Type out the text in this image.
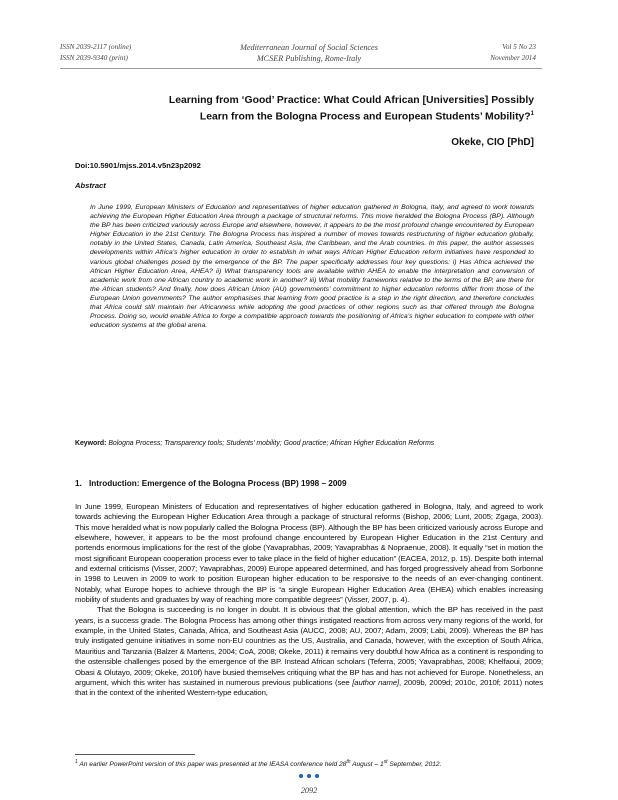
ISSN 2039-2117 (online)
ISSN 2039-9340 (print)
Mediterranean Journal of Social Sciences
MCSER Publishing, Rome-Italy
Vol 5 No 23
November 2014
Learning from ‘Good’ Practice: What Could African [Universities] Possibly
Learn from the Bologna Process and European Students’ Mobility?$^1$
Okeke, CIO [PhD]
Doi:10.5901/mjss.2014.v5n23p2092
Abstract

In June 1999, European Ministers of Education and representatives of higher education gathered in Bologna, Italy, and agreed to work towards achieving the European Higher Education Area through a package of structural reforms. This move heralded the Bologna Process (BP). Although the BP has been criticized variously across Europe and elsewhere, however, it appears to be the most profound change encountered by European Higher Education in the 21st Century. The Bologna Process has inspired a number of moves towards restructuring of higher education globally, notably in the United States, Canada, Latin America, Southeast Asia, the Caribbean, and the Arab countries. In this paper, the author assesses developments within Africa’s higher education in order to establish in what ways African Higher Education reform initiatives have responded to various global challenges posed by the emergence of the BP. The paper specifically addresses four key questions: i) Has Africa achieved the African Higher Education Area, AHEA? ii) What transparency tools are available within AHEA to enable the interpretation and conversion of academic work from one African country to academic work in another? iii) What mobility frameworks relative to the terms of the BP, are there for the African students? And finally, how does African Union (AU) governments’ commitment to higher education reforms differ from those of the European Union governments? The author emphasises that learning from good practice is a step in the right direction, and therefore concludes that Africa could still maintain her Africanness while adopting the good practices of other regions such as that offered through the Bologna Process. Doing so, would enable Africa to forge a compatible approach towards the positioning of Africa’s higher education to compete with other education systems at the global arena.

Keyword: Bologna Process; Transparency tools; Students’ mobility; Good practice; African Higher Education Reforms

1. Introduction: Emergence of the Bologna Process (BP) 1998 – 2009

In June 1999, European Ministers of Education and representatives of higher education gathered in Bologna, Italy, and agreed to work towards achieving the European Higher Education Area through a package of structural reforms (Bishop, 2006; Lunt, 2005; Zgaga, 2003). This move heralded what is now popularly called the Bologna Process (BP). Although the BP has been criticized variously across Europe and elsewhere, however, it appears to be the most profound change encountered by European Higher Education in the 21st Century and portends enormous implications for the rest of the globe (Yavaprabhas, 2009; Yavaprabhas & Nopraenue, 2008). It equally “set in motion the most significant European cooperation process ever to take place in the field of higher education” (EACEA, 2012, p. 15). Despite both internal and external criticisms (Visser, 2007; Yavaprabhas, 2009) Europe appeared determined, and has forged progressively ahead from Sorbonne in 1998 to Leuven in 2009 to work to position European higher education to be responsive to the needs of an ever-changing continent. Notably, what Europe hopes to achieve through the BP is “a single European Higher Education Area (EHEA) which enables increasing mobility of students and graduates by way of reaching more compatible degrees” (Visser, 2007, p. 4).

That the Bologna is succeeding is no longer in doubt. It is obvious that the global attention, which the BP has received in the past years, is a success grade. The Bologna Process has among other things instigated reactions from across very many regions of the world, for example, in the United States, Canada, Africa, and Southeast Asia (AUCC, 2008; AU, 2007; Adam, 2009; Labi, 2009). Whereas the BP has truly instigated genuine initiatives in some non-EU countries as the US, Australia, and Canada, however, with the exception of South Africa, Mauritius and Tanzania (Balzer & Martens, 2004; CoA, 2008; Okeke, 2011) it remains very doubtful how Africa as a continent is responding to the ostensible challenges posed by the emergence of the BP. Instead African scholars (Teferra, 2005; Yavaprabhas, 2008; Khelfaoui, 2009; Obasi & Olutayo, 2009; Okeke, 2010f) have busied themselves critiquing what the BP has and has not achieved for Europe. Nonetheless, an argument, which this writer has sustained in numerous previous publications (see [author name], 2009b, 2009d; 2010c, 2010f; 2011) notes that in the context of the inherited Western-type education,

$^1$ An earlier PowerPoint version of this paper was presented at the IEASA conference held 28th August – 1st September, 2012.
2092
